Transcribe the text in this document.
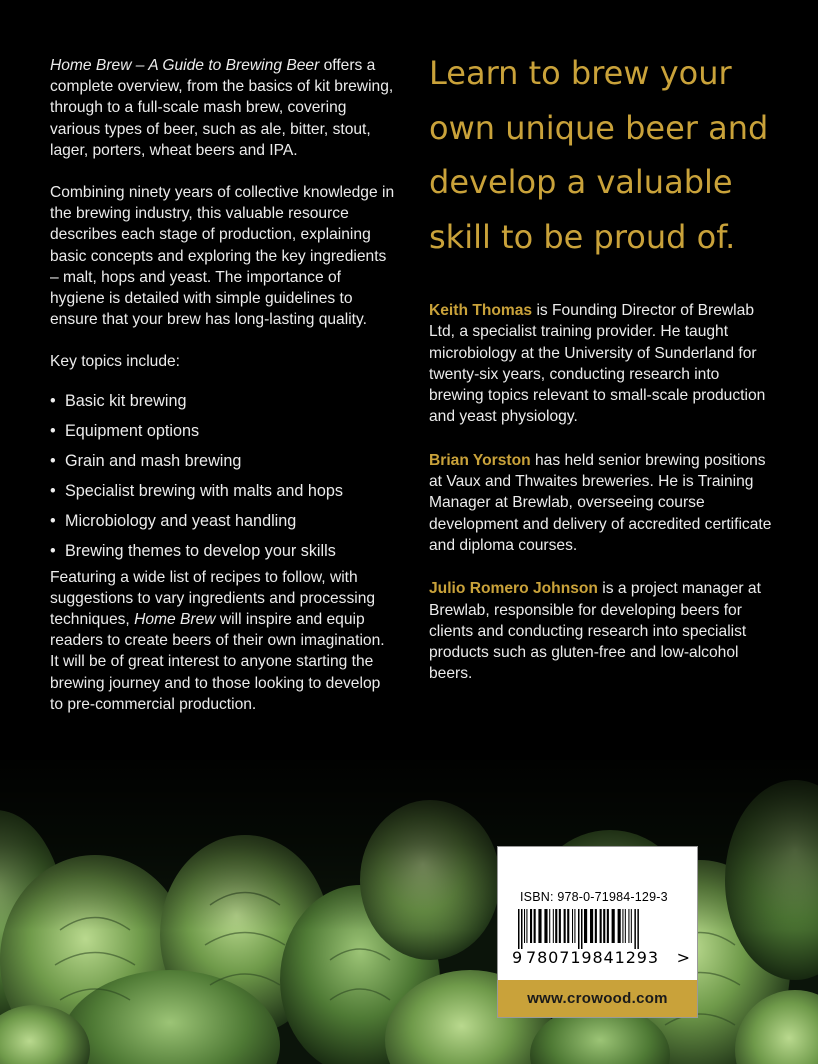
Home Brew – A Guide to Brewing Beer offers a complete overview, from the basics of kit brewing, through to a full-scale mash brew, covering various types of beer, such as ale, bitter, stout, lager, porters, wheat beers and IPA.

Combining ninety years of collective knowledge in the brewing industry, this valuable resource describes each stage of production, explaining basic concepts and exploring the key ingredients – malt, hops and yeast. The importance of hygiene is detailed with simple guidelines to ensure that your brew has long-lasting quality.

Key topics include:

• Basic kit brewing
• Equipment options
• Grain and mash brewing
• Specialist brewing with malts and hops
• Microbiology and yeast handling
• Brewing themes to develop your skills

Featuring a wide list of recipes to follow, with suggestions to vary ingredients and processing techniques, Home Brew will inspire and equip readers to create beers of their own imagination. It will be of great interest to anyone starting the brewing journey and to those looking to develop to pre-commercial production.

Learn to brew your own unique beer and develop a valuable skill to be proud of.

Keith Thomas is Founding Director of Brewlab Ltd, a specialist training provider. He taught microbiology at the University of Sunderland for twenty-six years, conducting research into brewing topics relevant to small-scale production and yeast physiology.

Brian Yorston has held senior brewing positions at Vaux and Thwaites breweries. He is Training Manager at Brewlab, overseeing course development and delivery of accredited certificate and diploma courses.

Julio Romero Johnson is a project manager at Brewlab, responsible for developing beers for clients and conducting research into specialist products such as gluten-free and low-alcohol beers.

ISBN: 978-0-71984-129-3
9 780719841293 >
www.crowood.com
